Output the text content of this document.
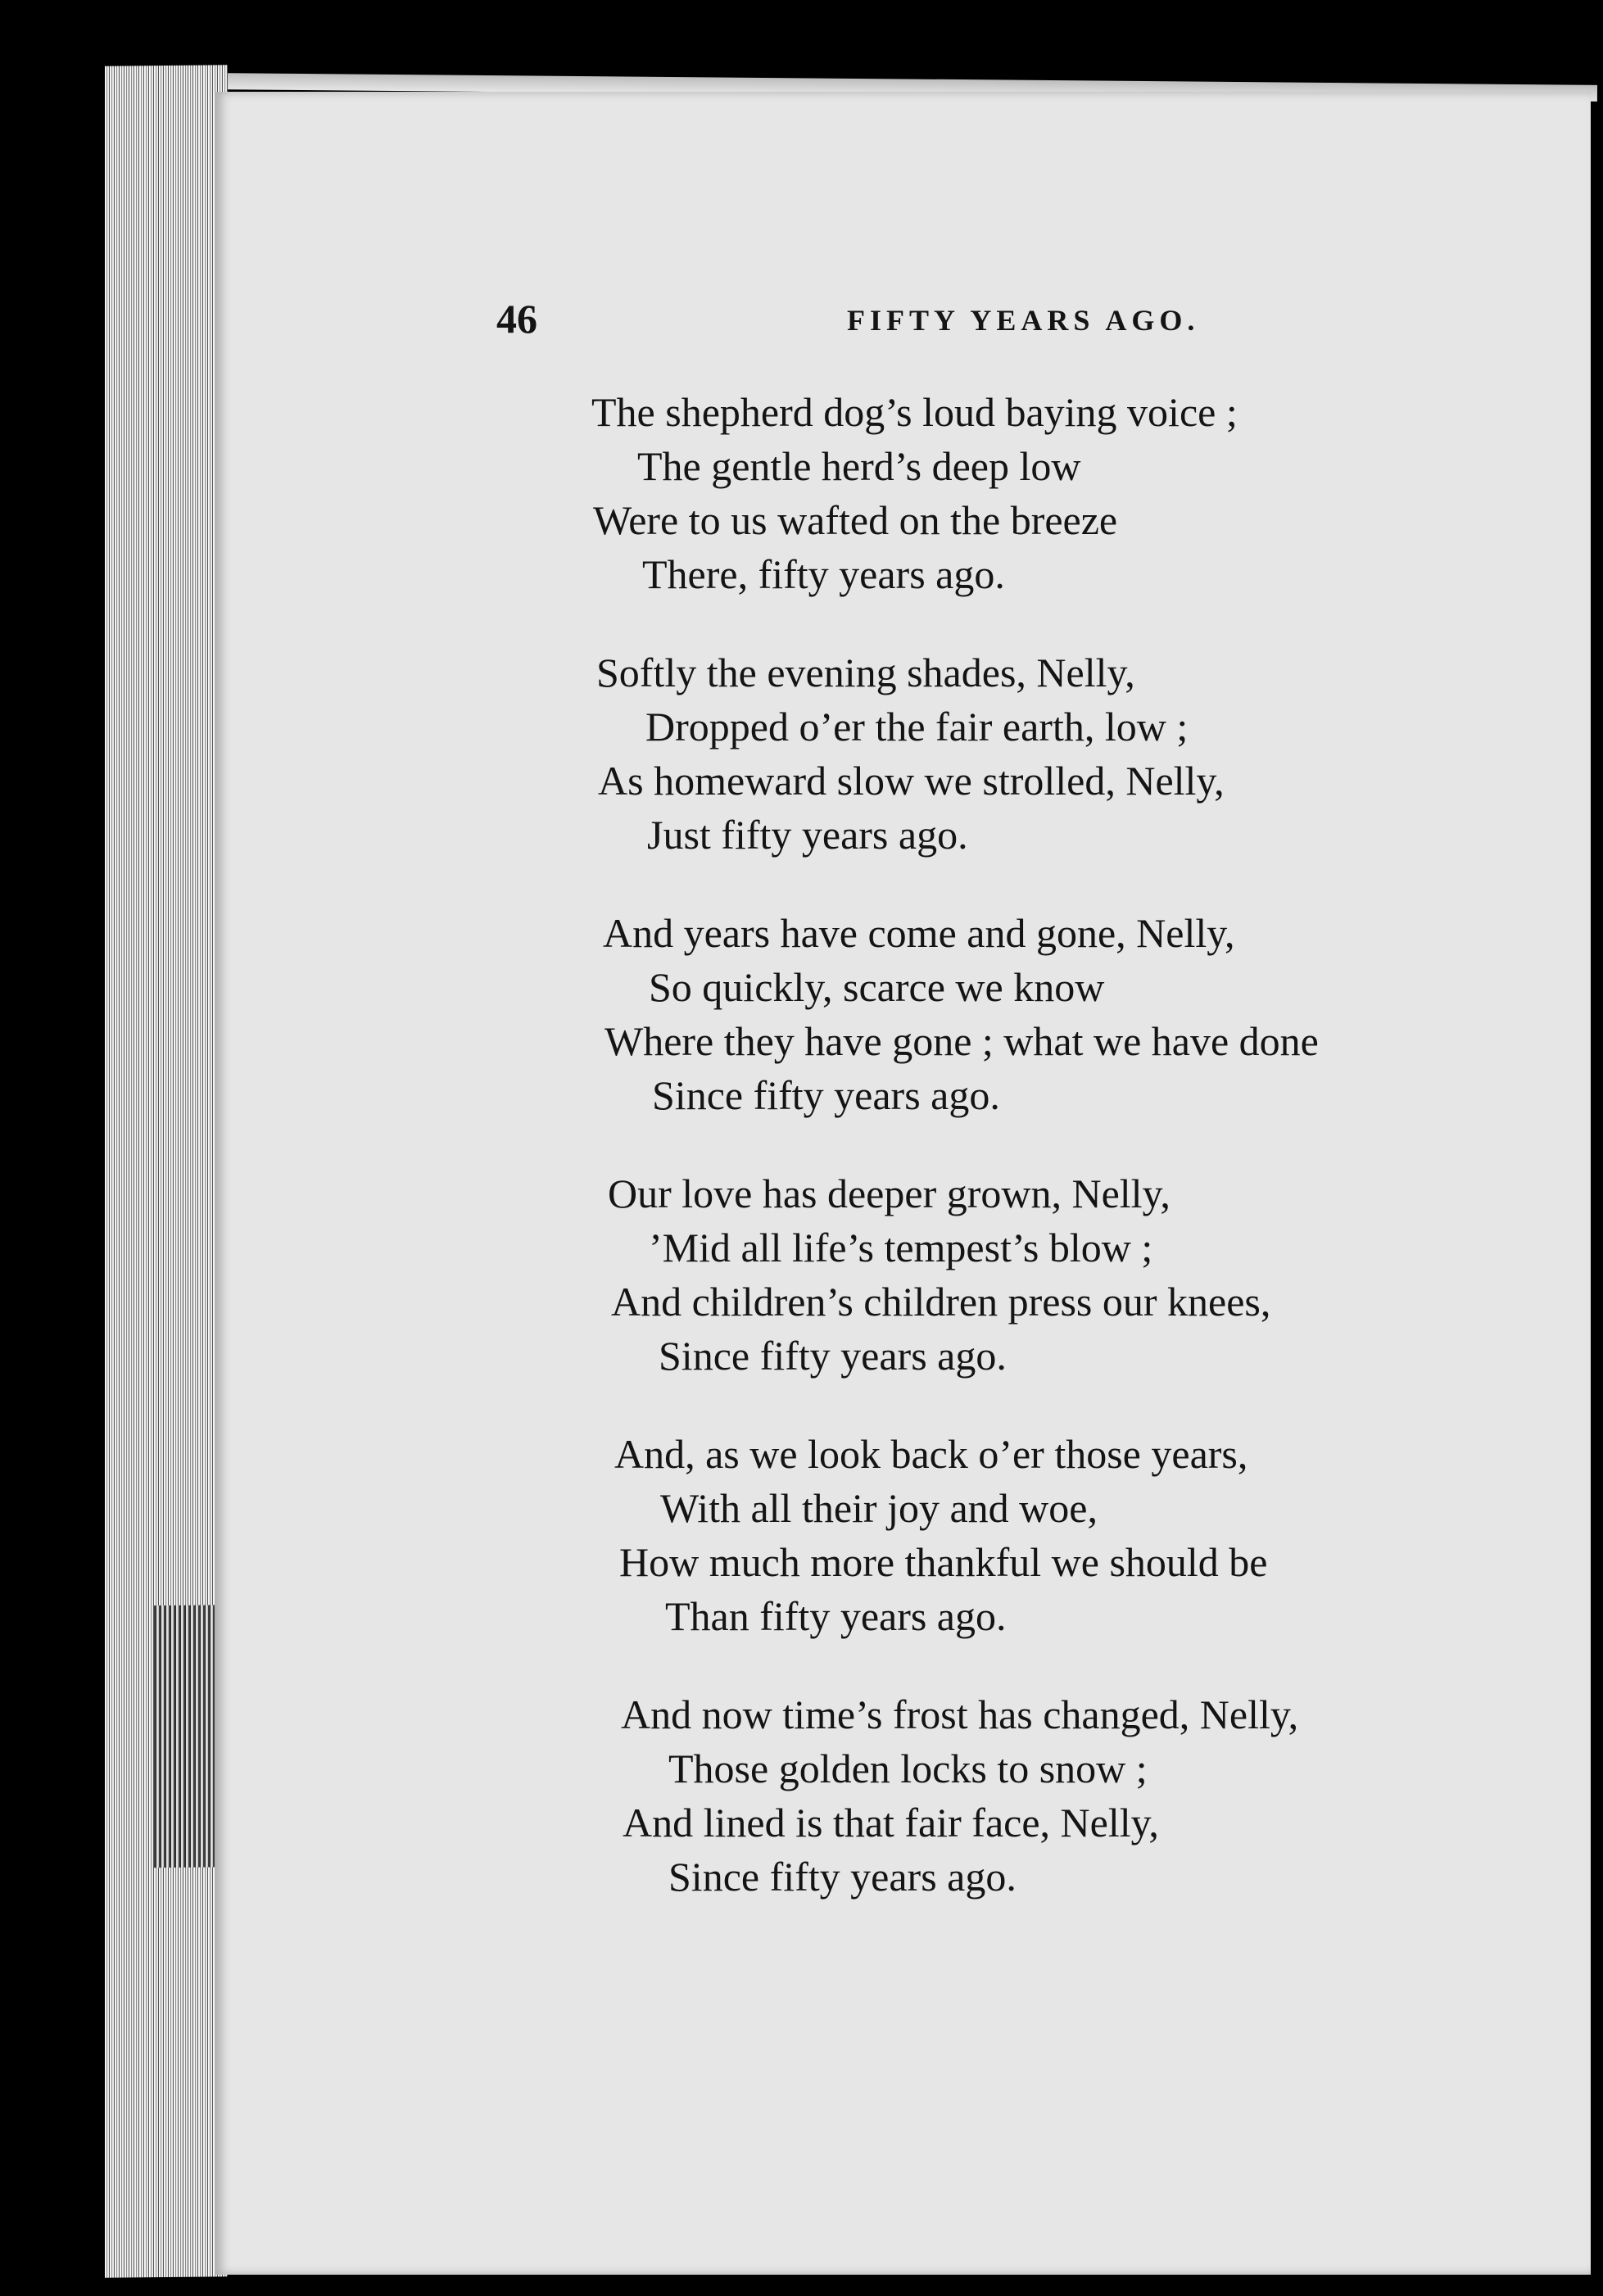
46	FIFTY YEARS AGO.
The shepherd dog’s loud baying voice ;
The gentle herd’s deep low
Were to us wafted on the breeze
There, fifty years ago.
Softly the evening shades, Nelly,
Dropped o’er the fair earth, low ;
As homeward slow we strolled, Nelly,
Just fifty years ago.
And years have come and gone, Nelly,
So quickly, scarce we know
Where they have gone ; what we have done
Since fifty years ago.
Our love has deeper grown, Nelly,
’Mid all life’s tempest’s blow ;
And children’s children press our knees,
Since fifty years ago.
And, as we look back o’er those years,
With all their joy and woe,
How much more thankful we should be
Than fifty years ago.
And now time’s frost has changed, Nelly,
Those golden locks to snow ;
And lined is that fair face, Nelly,
Since fifty years ago.
